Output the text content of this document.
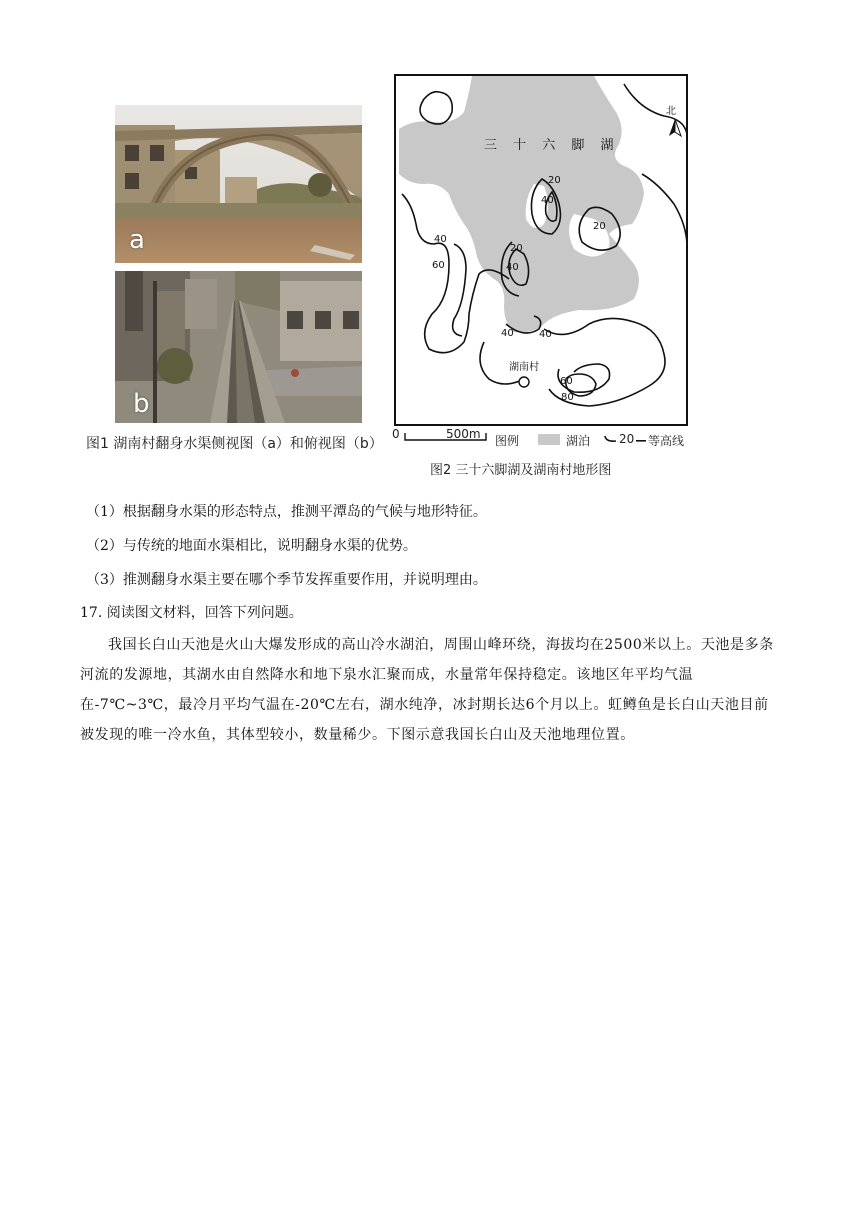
a
b
图1 湖南村翻身水渠侧视图（a）和俯视图（b）
三 十 六 脚 湖
20
40
20
40
60
20
40
40	40
60
80
湖南村
北
0	500m 图例	湖泊 20 等高线
图2 三十六脚湖及湖南村地形图
（1）根据翻身水渠的形态特点，推测平潭岛的气候与地形特征。
（2）与传统的地面水渠相比，说明翻身水渠的优势。
（3）推测翻身水渠主要在哪个季节发挥重要作用，并说明理由。
17. 阅读图文材料，回答下列问题。
我国长白山天池是火山大爆发形成的高山冷水湖泊，周围山峰环绕，海拔均在2500米以上。天池是多条河流的发源地，其湖水由自然降水和地下泉水汇聚而成，水量常年保持稳定。该地区年平均气温在-7℃~3℃，最冷月平均气温在-20℃左右，湖水纯净，冰封期长达6个月以上。虹鳟鱼是长白山天池目前被发现的唯一冷水鱼，其体型较小，数量稀少。下图示意我国长白山及天池地理位置。
